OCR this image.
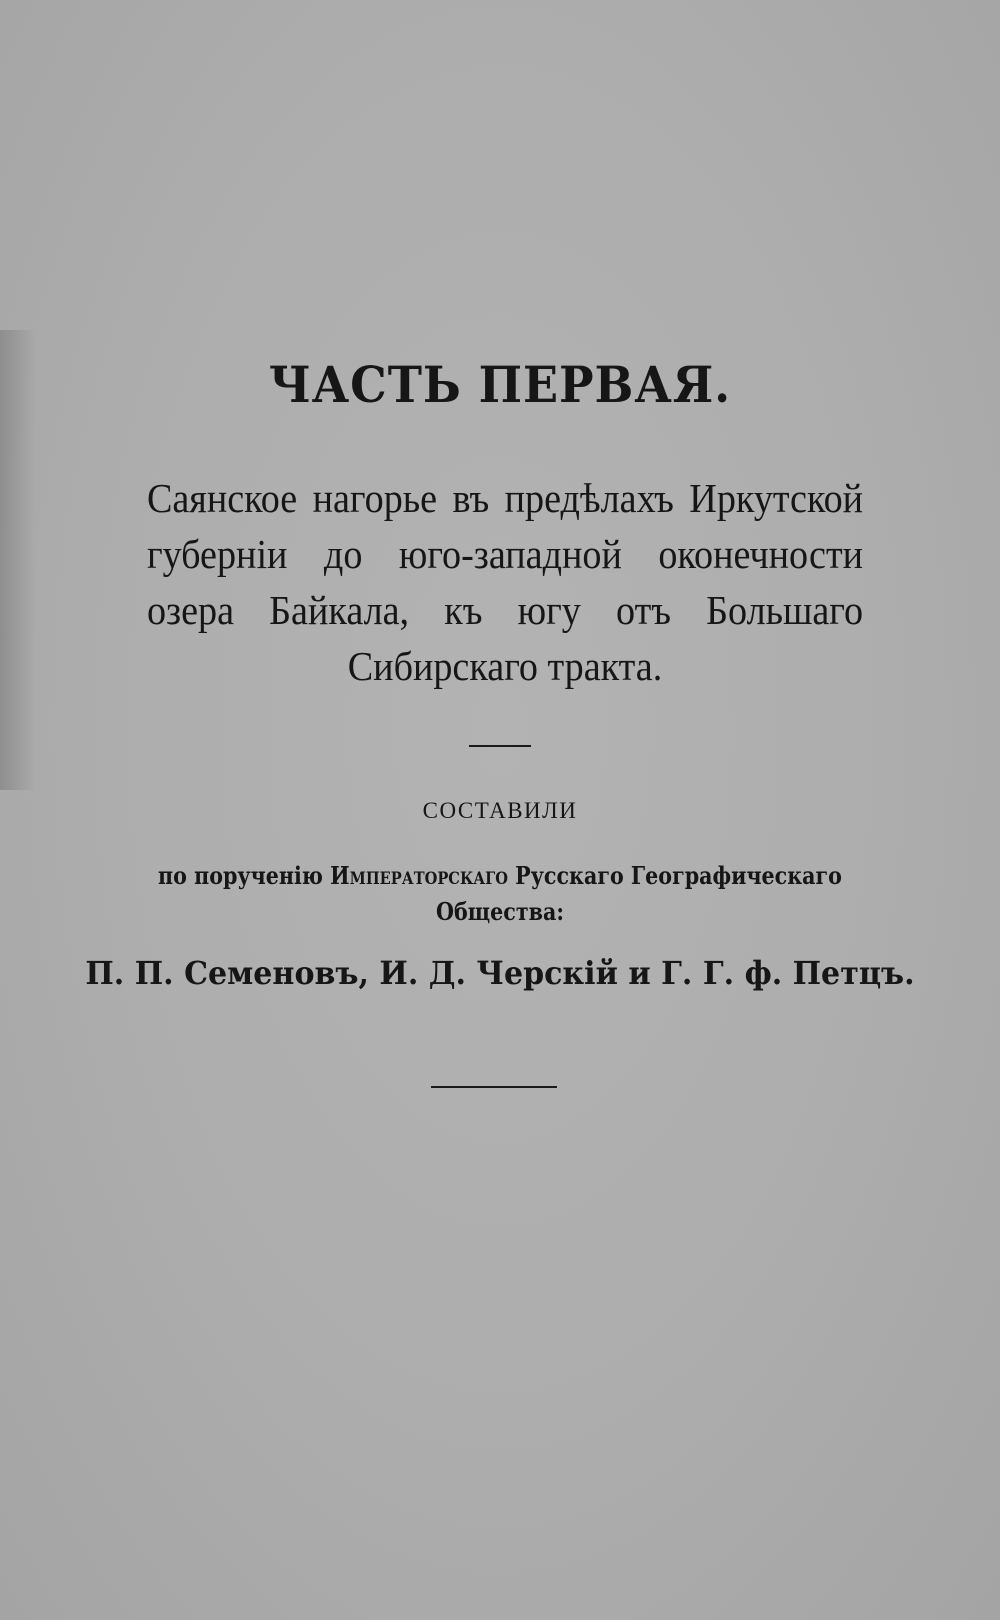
ЧАСТЬ ПЕРВАЯ.
Саянское нагорье въ предѣлахъ Иркутской губерніи до юго-западной оконечности озера Байкала, къ югу отъ Большаго Сибирскаго тракта.
СОСТАВИЛИ
по порученію Императорскаго Русскаго Географическаго Общества:
П. П. Семеновъ, И. Д. Черскій и Г. Г. ф. Петцъ.
